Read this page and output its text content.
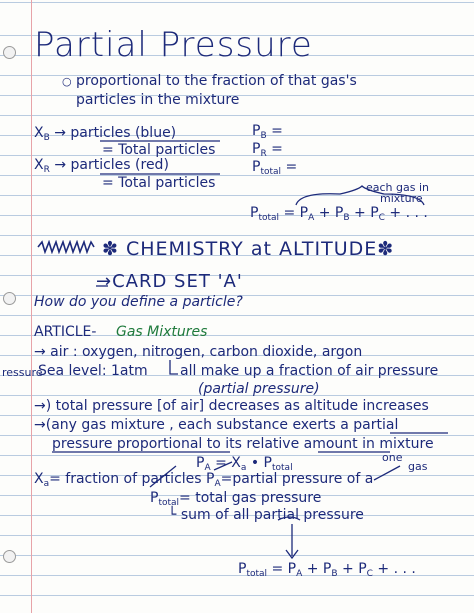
Partial Pressure
○ proportional to the fraction of that gas's
particles in the mixture
$X_B$ → particles (blue)
= Total particles
$X_R$ → particles (red)
= Total particles
$P_B$ =
$P_R$ =
$P_{total}$ =
each gas in
mixture
$P_{total} = P_A + P_B + P_C$ + . . .
✽ CHEMISTRY at ALTITUDE✽
→CARD SET 'A'
How do you define a particle?
ARTICLE- Gas Mixtures
→ air : oxygen, nitrogen, carbon dioxide, argon
ressure
Sea level: 1atm all make up a fraction of air pressure
(partial pressure)
→) total pressure [of air] decreases as altitude increases
→(any gas mixture , each substance exerts a partial
pressure proportional to its relative amount in mixture
$P_A = X_a$ • $P_{total}$
one
gas
$X_a=$ fraction of particles $P_A=partial$ pressure of a
$P_{total}=$ total gas pressure
└ sum of all partial pressure
$P_{total} = P_A + P_B + P_C$ + . . .
